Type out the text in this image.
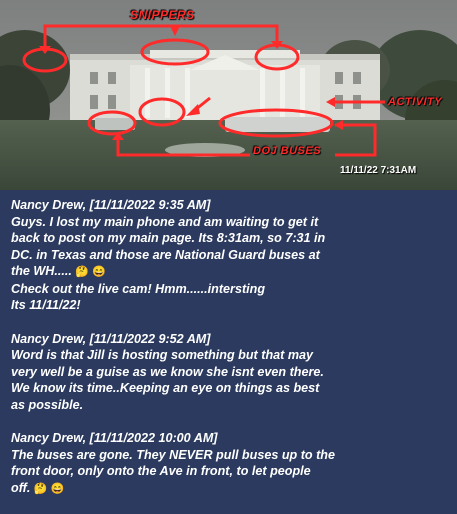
SNIPPERS
ACTIVITY
DOJ BUSES
11/11/22 7:31AM
Nancy Drew, [11/11/2022 9:35 AM]
Guys. I lost my main phone and am waiting to get it
back to post on my main page. Its 8:31am, so 7:31 in
DC. in Texas and those are National Guard buses at
the WH..... 🤔 😄
Check out the live cam! Hmm......intersting
Its 11/11/22!
Nancy Drew, [11/11/2022 9:52 AM]
Word is that Jill is hosting something but that may
very well be a guise as we know she isnt even there.
We know its time..Keeping an eye on things as best
as possible.
Nancy Drew, [11/11/2022 10:00 AM]
The buses are gone. They NEVER pull buses up to the
front door, only onto the Ave in front, to let people
off. 🤔 😄
